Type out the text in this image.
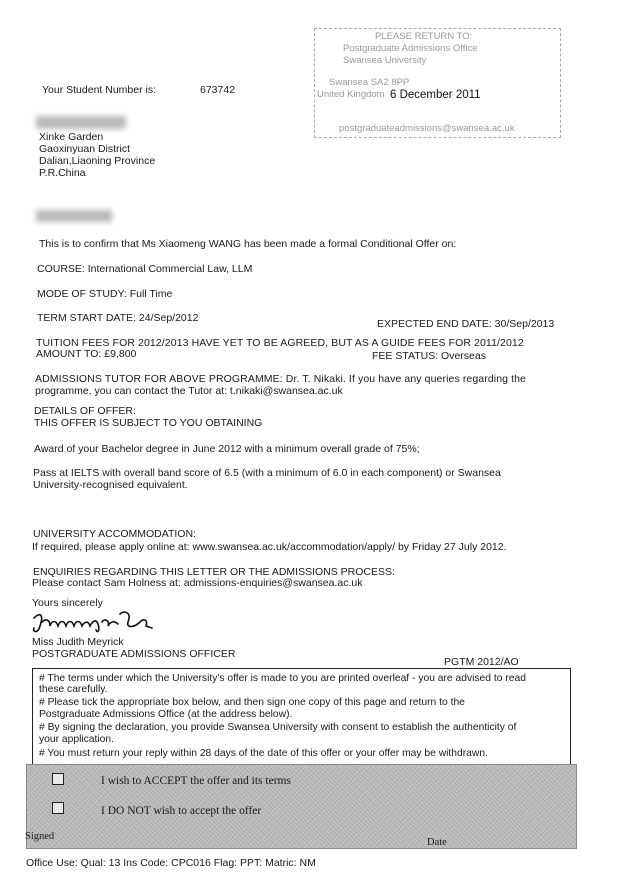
PLEASE RETURN TO:
Postgraduate Admissions Office
Swansea University
Swansea SA2 8PP
United Kingdom
postgraduateadmissions@swansea.ac.uk
6 December 2011
Your Student Number is:	673742
Xinke Garden
Gaoxinyuan District
Dalian,Liaoning Province
P.R.China
This is to confirm that Ms Xiaomeng WANG has been made a formal Conditional Offer on:
COURSE: International Commercial Law, LLM
MODE OF STUDY: Full Time
TERM START DATE: 24/Sep/2012	EXPECTED END DATE: 30/Sep/2013
TUITION FEES FOR 2012/2013 HAVE YET TO BE AGREED, BUT AS A GUIDE FEES FOR 2011/2012
AMOUNT TO: £9,800	FEE STATUS: Overseas
ADMISSIONS TUTOR FOR ABOVE PROGRAMME: Dr. T. Nikaki. If you have any queries regarding the
programme, you can contact the Tutor at: t.nikaki@swansea.ac.uk
DETAILS OF OFFER:
THIS OFFER IS SUBJECT TO YOU OBTAINING
Award of your Bachelor degree in June 2012 with a minimum overall grade of 75%;
Pass at IELTS with overall band score of 6.5 (with a minimum of 6.0 in each component) or Swansea
University-recognised equivalent.
UNIVERSITY ACCOMMODATION:
If required, please apply online at: www.swansea.ac.uk/accommodation/apply/ by Friday 27 July 2012.
ENQUIRIES REGARDING THIS LETTER OR THE ADMISSIONS PROCESS:
Please contact Sam Holness at: admissions-enquiries@swansea.ac.uk
Yours sincerely
Miss Judith Meyrick
POSTGRADUATE ADMISSIONS OFFICER
PGTM 2012/AO
# The terms under which the University's offer is made to you are printed overleaf - you are advised to read
these carefully.
# Please tick the appropriate box below, and then sign one copy of this page and return to the
Postgraduate Admissions Office (at the address below).
# By signing the declaration, you provide Swansea University with consent to establish the authenticity of
your application.
# You must return your reply within 28 days of the date of this offer or your offer may be withdrawn.
I wish to ACCEPT the offer and its terms
I DO NOT wish to accept the offer
Signed
Date
Office Use: Qual: 13 Ins Code: CPC016 Flag: PPT: Matric: NM
